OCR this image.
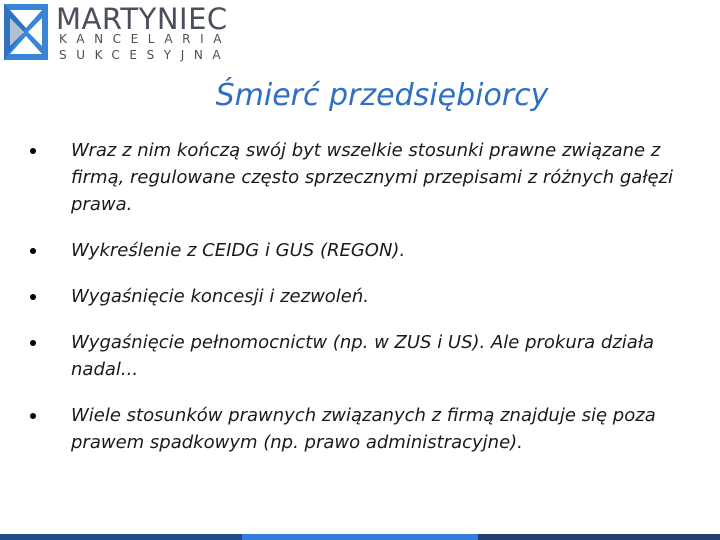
MARTYNIEC
KANCELARIA
SUKCESYJNA
Śmierć przedsiębiorcy
Wraz z nim kończą swój byt wszelkie stosunki prawne związane z firmą, regulowane często sprzecznymi przepisami z różnych gałęzi prawa.
Wykreślenie z CEIDG i GUS (REGON).
Wygaśnięcie koncesji i zezwoleń.
Wygaśnięcie pełnomocnictw (np. w ZUS i US). Ale prokura działa nadal...
Wiele stosunków prawnych związanych z firmą znajduje się poza prawem spadkowym (np. prawo administracyjne).
